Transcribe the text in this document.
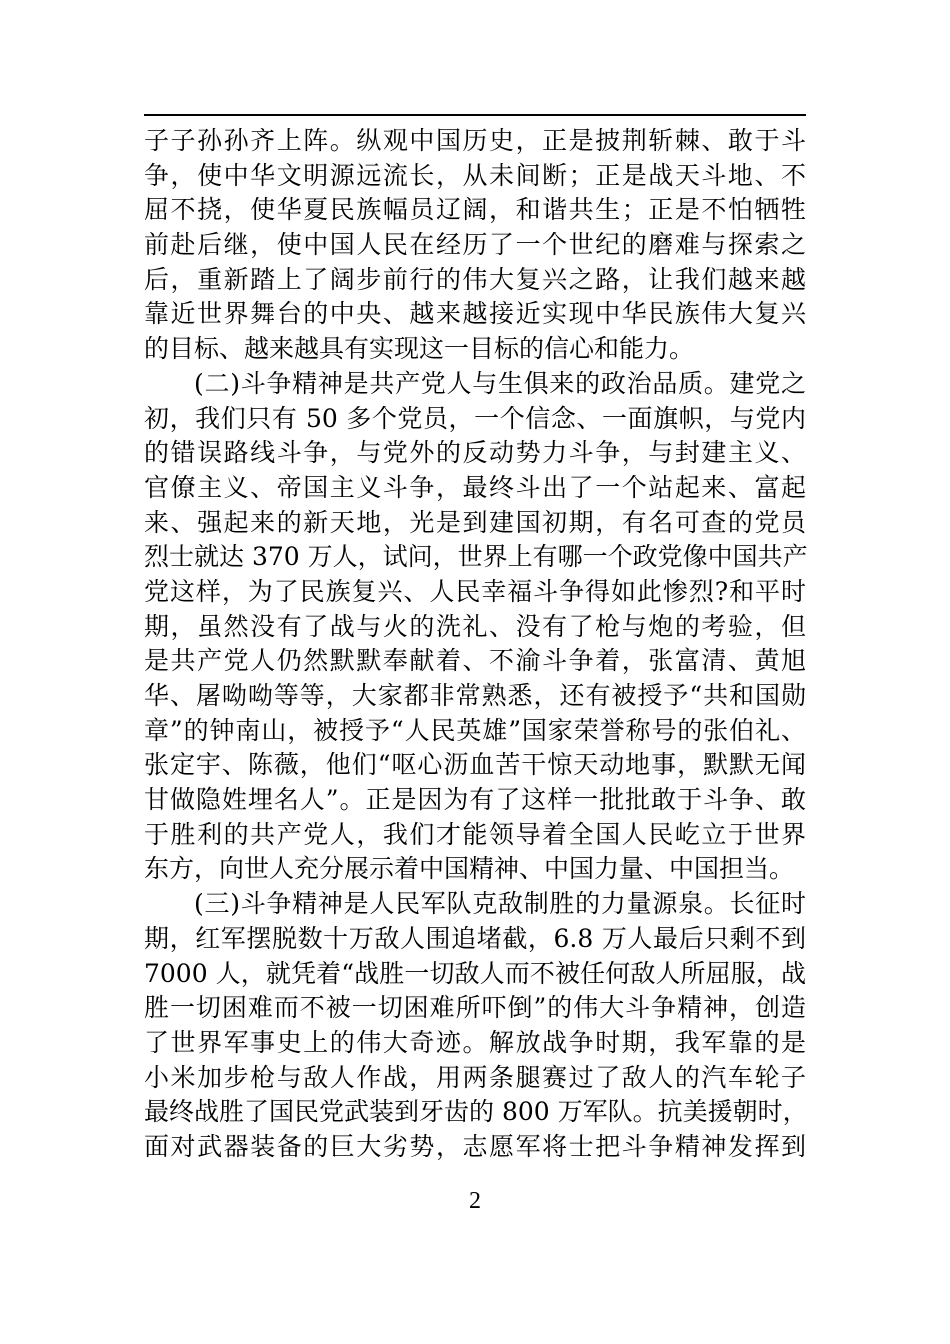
子子孙孙齐上阵。纵观中国历史，正是披荆斩棘、敢于斗
争，使中华文明源远流长，从未间断；正是战天斗地、不
屈不挠，使华夏民族幅员辽阔，和谐共生；正是不怕牺牲
前赴后继，使中国人民在经历了一个世纪的磨难与探索之
后，重新踏上了阔步前行的伟大复兴之路，让我们越来越
靠近世界舞台的中央、越来越接近实现中华民族伟大复兴
的目标、越来越具有实现这一目标的信心和能力。
(二)斗争精神是共产党人与生俱来的政治品质。建党之
初，我们只有 50 多个党员，一个信念、一面旗帜，与党内
的错误路线斗争，与党外的反动势力斗争，与封建主义、
官僚主义、帝国主义斗争，最终斗出了一个站起来、富起
来、强起来的新天地，光是到建国初期，有名可查的党员
烈士就达 370 万人，试问，世界上有哪一个政党像中国共产
党这样，为了民族复兴、人民幸福斗争得如此惨烈?和平时
期，虽然没有了战与火的洗礼、没有了枪与炮的考验，但
是共产党人仍然默默奉献着、不渝斗争着，张富清、黄旭
华、屠呦呦等等，大家都非常熟悉，还有被授予“共和国勋
章”的钟南山，被授予“人民英雄”国家荣誉称号的张伯礼、
张定宇、陈薇，他们“呕心沥血苦干惊天动地事，默默无闻
甘做隐姓埋名人”。正是因为有了这样一批批敢于斗争、敢
于胜利的共产党人，我们才能领导着全国人民屹立于世界
东方，向世人充分展示着中国精神、中国力量、中国担当。
(三)斗争精神是人民军队克敌制胜的力量源泉。长征时
期，红军摆脱数十万敌人围追堵截，6.8 万人最后只剩不到
7000 人，就凭着“战胜一切敌人而不被任何敌人所屈服，战
胜一切困难而不被一切困难所吓倒”的伟大斗争精神，创造
了世界军事史上的伟大奇迹。解放战争时期，我军靠的是
小米加步枪与敌人作战，用两条腿赛过了敌人的汽车轮子
最终战胜了国民党武装到牙齿的 800 万军队。抗美援朝时，
面对武器装备的巨大劣势，志愿军将士把斗争精神发挥到
2
